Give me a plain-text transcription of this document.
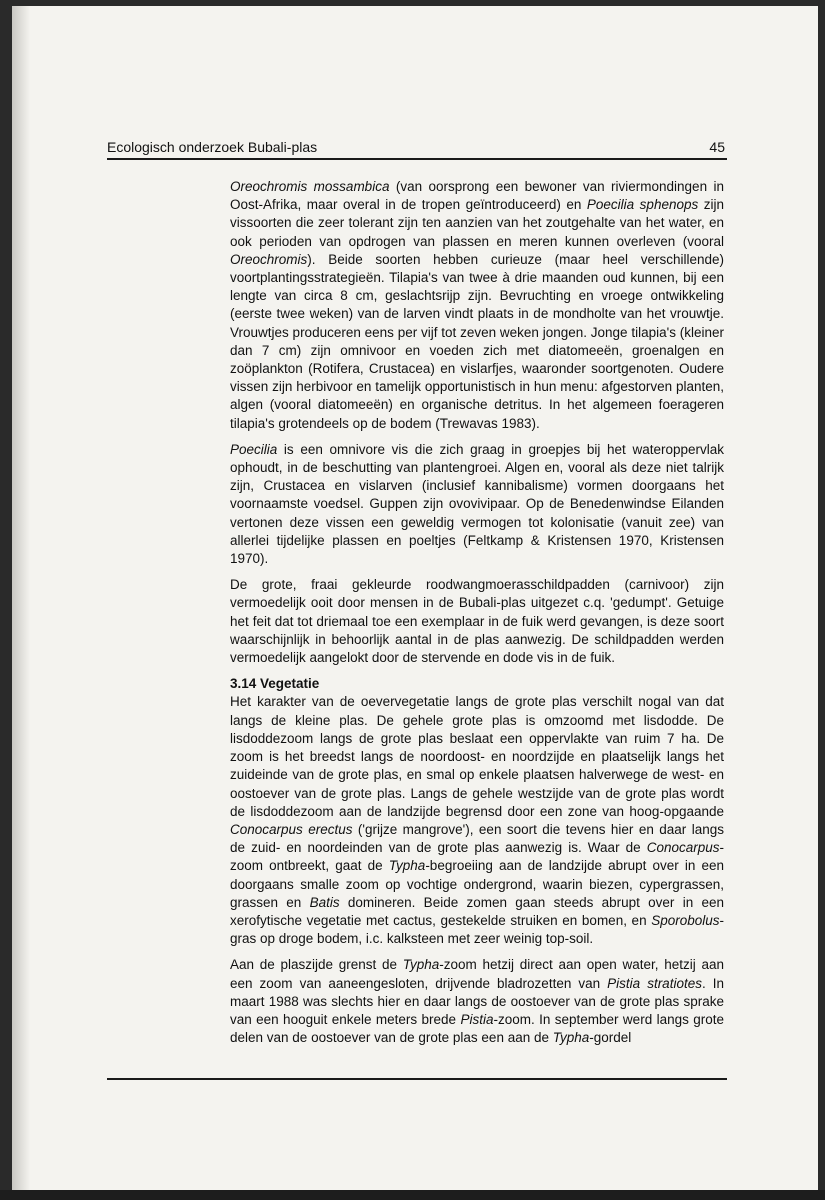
Ecologisch onderzoek Bubali-plas	45

Oreochromis mossambica (van oorsprong een bewoner van riviermondingen in Oost-Afrika, maar overal in de tropen geïntroduceerd) en Poecilia sphenops zijn vissoorten die zeer tolerant zijn ten aanzien van het zoutgehalte van het water, en ook perioden van opdrogen van plassen en meren kunnen overleven (vooral Oreochromis). Beide soorten hebben curieuze (maar heel verschillende) voortplantingsstrategieën. Tilapia's van twee à drie maanden oud kunnen, bij een lengte van circa 8 cm, geslachtsrijp zijn. Bevruchting en vroege ontwikkeling (eerste twee weken) van de larven vindt plaats in de mondholte van het vrouwtje. Vrouwtjes produceren eens per vijf tot zeven weken jongen. Jonge tilapia's (kleiner dan 7 cm) zijn omnivoor en voeden zich met diatomeeën, groenalgen en zoöplankton (Rotifera, Crustacea) en vislarfjes, waaronder soortgenoten. Oudere vissen zijn herbivoor en tamelijk opportunistisch in hun menu: afgestorven planten, algen (vooral diatomeeën) en organische detritus. In het algemeen foerageren tilapia's grotendeels op de bodem (Trewavas 1983).

Poecilia is een omnivore vis die zich graag in groepjes bij het wateroppervlak ophoudt, in de beschutting van plantengroei. Algen en, vooral als deze niet talrijk zijn, Crustacea en vislarven (inclusief kannibalisme) vormen doorgaans het voornaamste voedsel. Guppen zijn ovovivipaar. Op de Benedenwindse Eilanden vertonen deze vissen een geweldig vermogen tot kolonisatie (vanuit zee) van allerlei tijdelijke plassen en poeltjes (Feltkamp & Kristensen 1970, Kristensen 1970).

De grote, fraai gekleurde roodwangmoerasschildpadden (carnivoor) zijn vermoedelijk ooit door mensen in de Bubali-plas uitgezet c.q. 'gedumpt'. Getuige het feit dat tot driemaal toe een exemplaar in de fuik werd gevangen, is deze soort waarschijnlijk in behoorlijk aantal in de plas aanwezig. De schildpadden werden vermoedelijk aangelokt door de stervende en dode vis in de fuik.

3.14 Vegetatie

Het karakter van de oevervegetatie langs de grote plas verschilt nogal van dat langs de kleine plas. De gehele grote plas is omzoomd met lisdodde. De lisdoddezoom langs de grote plas beslaat een oppervlakte van ruim 7 ha. De zoom is het breedst langs de noordoost- en noordzijde en plaatselijk langs het zuideinde van de grote plas, en smal op enkele plaatsen halverwege de west- en oostoever van de grote plas. Langs de gehele westzijde van de grote plas wordt de lisdoddezoom aan de landzijde begrensd door een zone van hoog-opgaande Conocarpus erectus ('grijze mangrove'), een soort die tevens hier en daar langs de zuid- en noordeinden van de grote plas aanwezig is. Waar de Conocarpus-zoom ontbreekt, gaat de Typha-begroeiing aan de landzijde abrupt over in een doorgaans smalle zoom op vochtige ondergrond, waarin biezen, cypergrassen, grassen en Batis domineren. Beide zomen gaan steeds abrupt over in een xerofytische vegetatie met cactus, gestekelde struiken en bomen, en Sporobolus-gras op droge bodem, i.c. kalksteen met zeer weinig top-soil.

Aan de plaszijde grenst de Typha-zoom hetzij direct aan open water, hetzij aan een zoom van aaneengesloten, drijvende bladrozetten van Pistia stratiotes. In maart 1988 was slechts hier en daar langs de oostoever van de grote plas sprake van een hooguit enkele meters brede Pistia-zoom. In september werd langs grote delen van de oostoever van de grote plas een aan de Typha-gordel
